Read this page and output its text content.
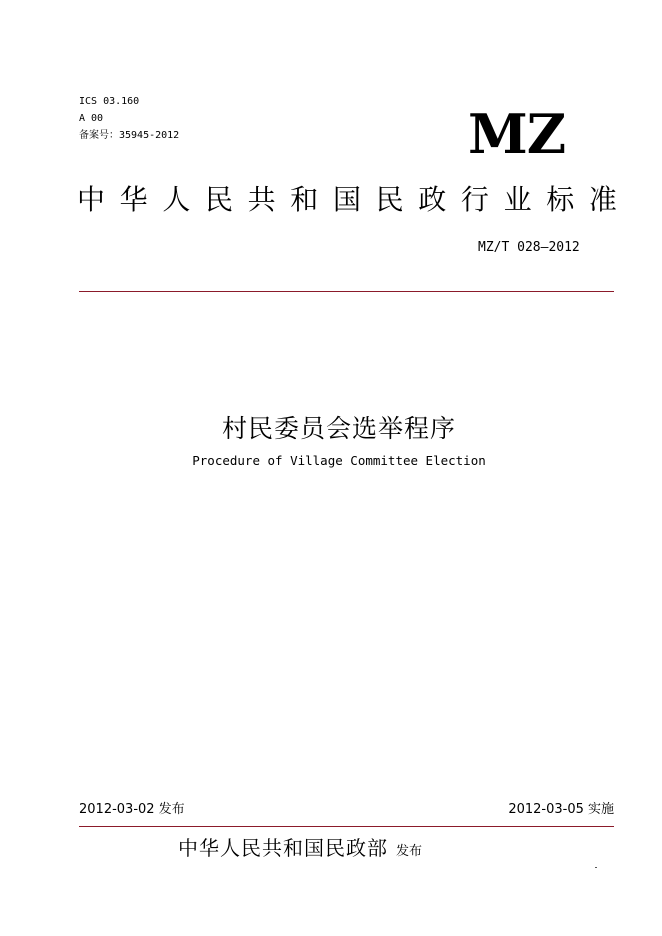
ICS 03.160
A 00
备案号：35945-2012	MZ
中 华 人 民 共 和 国 民 政 行 业 标 准
MZ/T 028—2012
村民委员会选举程序
Procedure of Village Committee Election
2012-03-02 发布	2012-03-05 实施
中华人民共和国民政部 发布
